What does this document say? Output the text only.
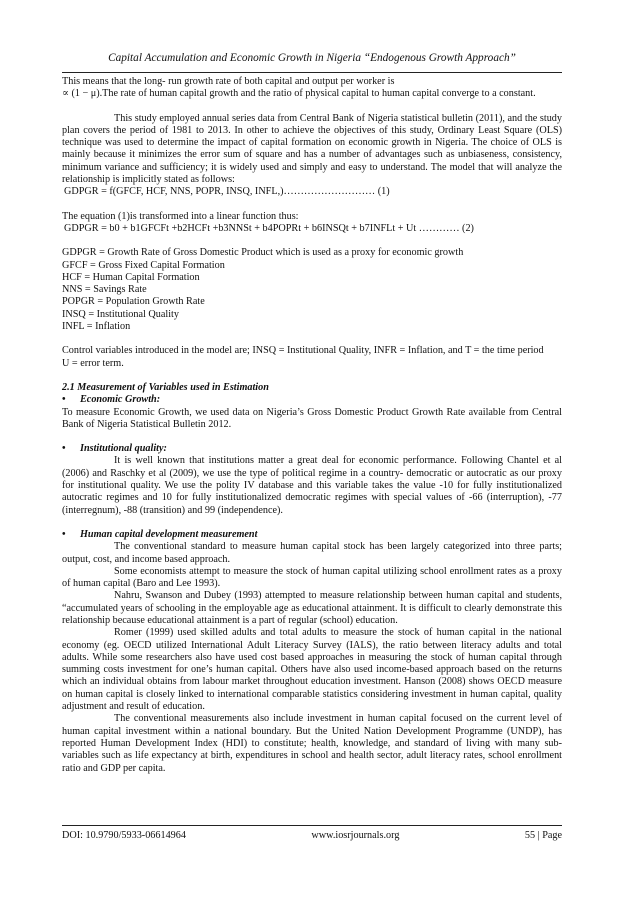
Capital Accumulation and Economic Growth in Nigeria “Endogenous Growth Approach”

This means that the long- run growth rate of both capital and output per worker is

∝ (1 − μ).The rate of human capital growth and the ratio of physical capital to human capital converge to a constant.

This study employed annual series data from Central Bank of Nigeria statistical bulletin (2011), and the study plan covers the period of 1981 to 2013. In other to achieve the objectives of this study, Ordinary Least Square (OLS) technique was used to determine the impact of capital formation on economic growth in Nigeria. The choice of OLS is mainly because it minimizes the error sum of square and has a number of advantages such as unbiaseness, consistency, minimum variance and sufficiency; it is widely used and simply and easy to understand. The model that will analyze the relationship is implicitly stated as follows:

GDPGR = f(GFCF, HCF, NNS, POPR, INSQ, INFL,)……………………… (1)

The equation (1)is transformed into a linear function thus:

GDPGR = b0 + b1GFCFt +b2HCFt +b3NNSt + b4POPRt + b6INSQt + b7INFLt + Ut ………… (2)

GDPGR = Growth Rate of Gross Domestic Product which is used as a proxy for economic growth

GFCF = Gross Fixed Capital Formation

HCF = Human Capital Formation

NNS = Savings Rate

POPGR = Population Growth Rate

INSQ = Institutional Quality

INFL = Inflation

Control variables introduced in the model are; INSQ = Institutional Quality, INFR = Inflation, and T = the time period

U = error term.

2.1 Measurement of Variables used in Estimation
• Economic Growth:

To measure Economic Growth, we used data on Nigeria’s Gross Domestic Product Growth Rate available from Central Bank of Nigeria Statistical Bulletin 2012.

• Institutional quality:

It is well known that institutions matter a great deal for economic performance. Following Chantel et al (2006) and Raschky et al (2009), we use the type of political regime in a country- democratic or autocratic as our proxy for institutional quality. We use the polity IV database and this variable takes the value -10 for fully institutionalized autocratic regimes and 10 for fully institutionalized democratic regimes with special values of -66 (interruption), -77 (interregnum), -88 (transition) and 99 (independence).

• Human capital development measurement

The conventional standard to measure human capital stock has been largely categorized into three parts; output, cost, and income based approach.

Some economists attempt to measure the stock of human capital utilizing school enrollment rates as a proxy of human capital (Baro and Lee 1993).

Nahru, Swanson and Dubey (1993) attempted to measure relationship between human capital and students, “accumulated years of schooling in the employable age as educational attainment. It is difficult to clearly demonstrate this relationship because educational attainment is a part of regular (school) education.

Romer (1999) used skilled adults and total adults to measure the stock of human capital in the national economy (eg. OECD utilized International Adult Literacy Survey (IALS), the ratio between literacy adults and total adults. While some researchers also have used cost based approaches in measuring the stock of human capital through summing costs investment for one’s human capital. Others have also used income-based approach based on the returns which an individual obtains from labour market throughout education investment. Hanson (2008) shows OECD measure on human capital is closely linked to international comparable statistics considering investment in human capital, quality adjustment and result of education.

The conventional measurements also include investment in human capital focused on the current level of human capital investment within a national boundary. But the United Nation Development Programme (UNDP), has reported Human Development Index (HDI) to constitute; health, knowledge, and standard of living with many sub- variables such as life expectancy at birth, expenditures in school and health sector, adult literacy rates, school enrollment ratio and GDP per capita.

DOI: 10.9790/5933-06614964	www.iosrjournals.org	55 | Page
